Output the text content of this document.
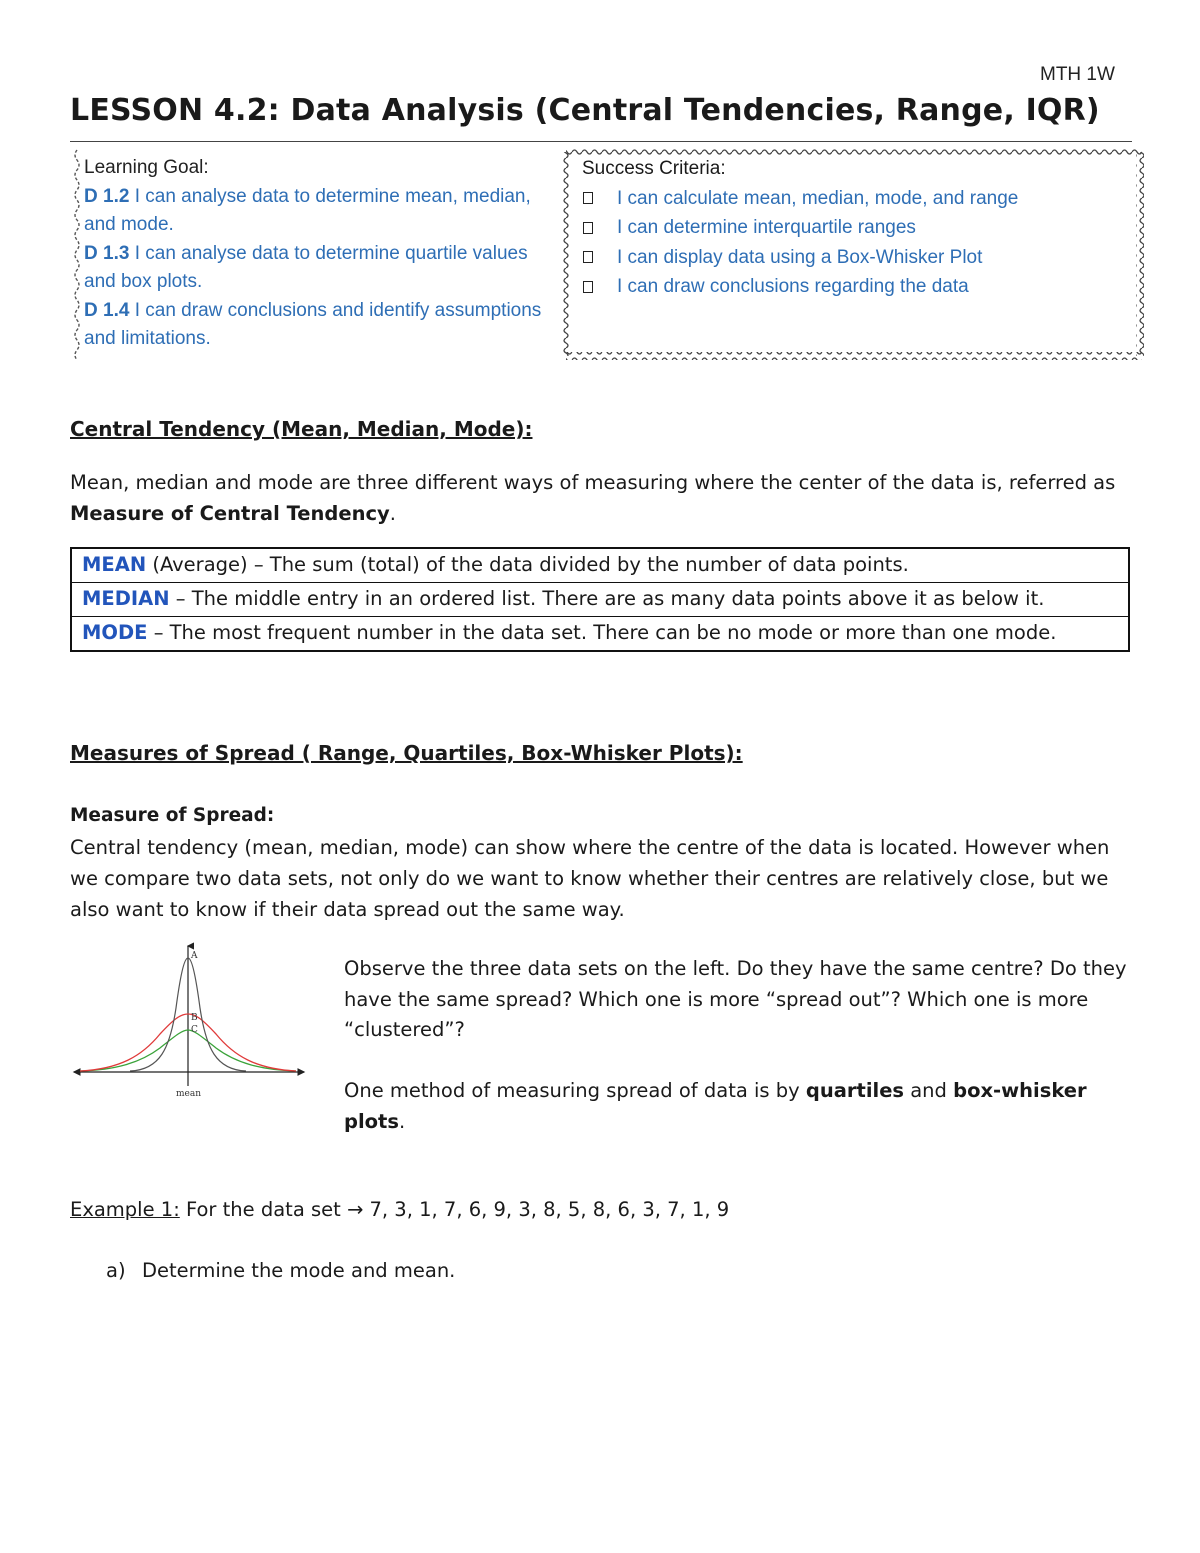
MTH 1W
LESSON 4.2: Data Analysis (Central Tendencies, Range, IQR)
Learning Goal:
D 1.2 I can analyse data to determine mean, median, and mode.
D 1.3 I can analyse data to determine quartile values and box plots.
D 1.4 I can draw conclusions and identify assumptions and limitations.
Success Criteria:
I can calculate mean, median, mode, and range
I can determine interquartile ranges
I can display data using a Box-Whisker Plot
I can draw conclusions regarding the data
Central Tendency (Mean, Median, Mode):
Mean, median and mode are three different ways of measuring where the center of the data is, referred as Measure of Central Tendency.
MEAN (Average) – The sum (total) of the data divided by the number of data points.
MEDIAN – The middle entry in an ordered list. There are as many data points above it as below it.
MODE – The most frequent number in the data set. There can be no mode or more than one mode.
Measures of Spread ( Range, Quartiles, Box-Whisker Plots):
Measure of Spread:
Central tendency (mean, median, mode) can show where the centre of the data is located. However when we compare two data sets, not only do we want to know whether their centres are relatively close, but we also want to know if their data spread out the same way.
A
B
C
mean
Observe the three data sets on the left. Do they have the same centre? Do they have the same spread? Which one is more “spread out”? Which one is more “clustered”?
One method of measuring spread of data is by quartiles and box-whisker plots.
Example 1: For the data set → 7, 3, 1, 7, 6, 9, 3, 8, 5, 8, 6, 3, 7, 1, 9
a) Determine the mode and mean.
